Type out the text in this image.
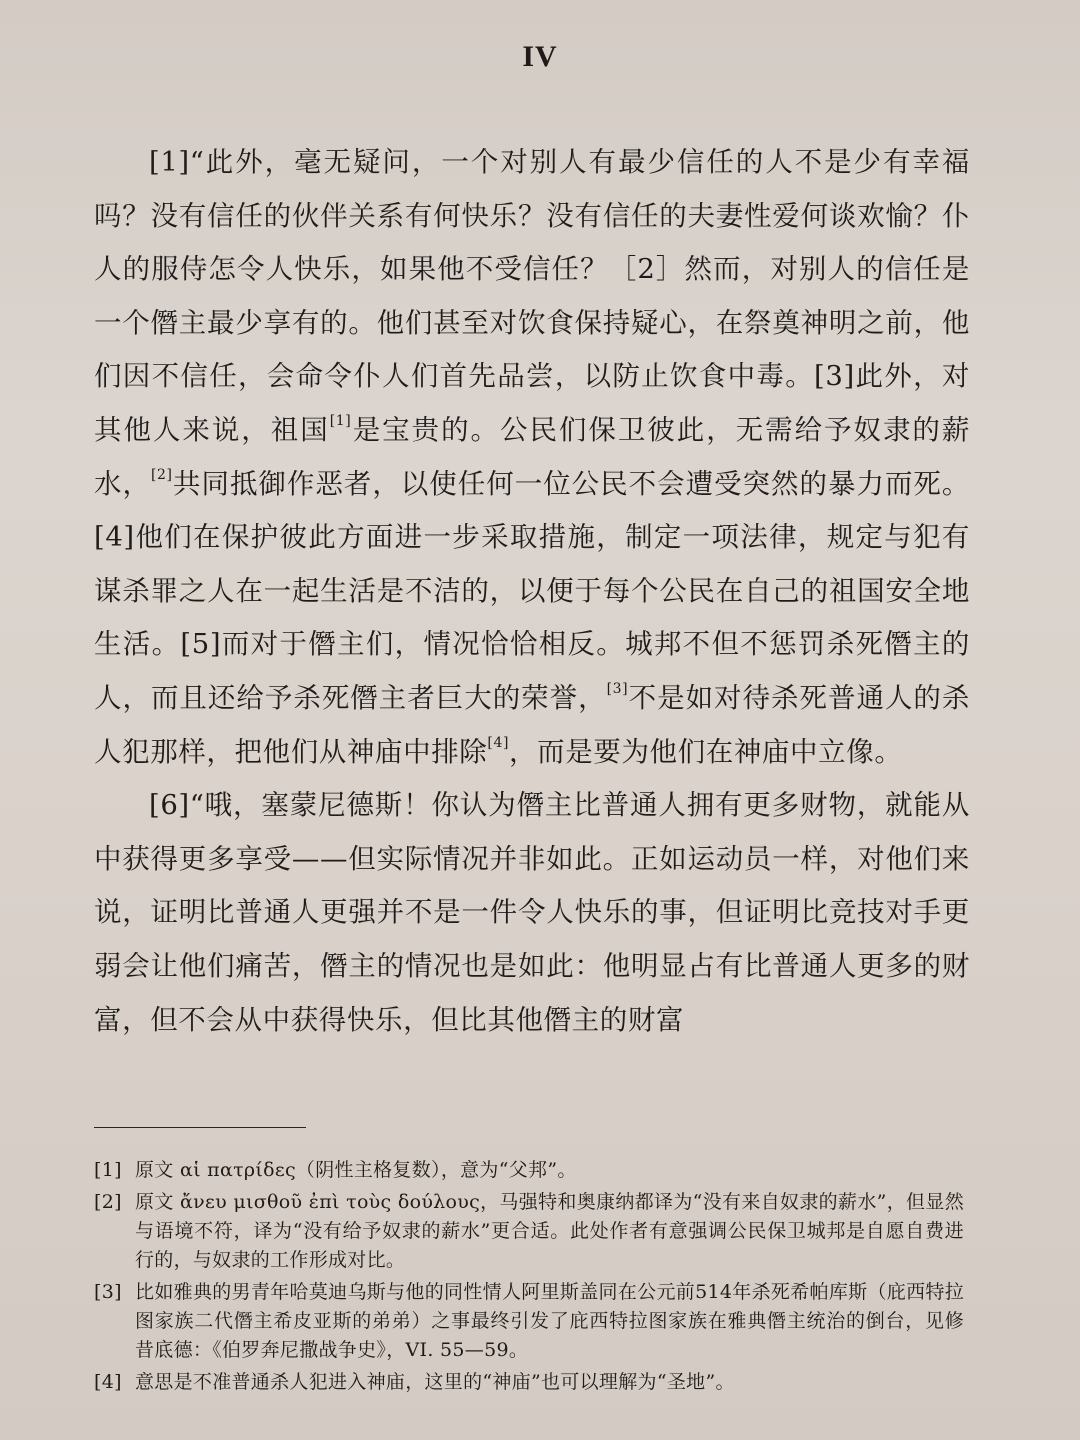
IV

[1]“此外，毫无疑问，一个对别人有最少信任的人不是少有幸福吗？没有信任的伙伴关系有何快乐？没有信任的夫妻性爱何谈欢愉？仆人的服侍怎令人快乐，如果他不受信任？［2］然而，对别人的信任是一个僭主最少享有的。他们甚至对饮食保持疑心，在祭奠神明之前，他们因不信任，会命令仆人们首先品尝，以防止饮食中毒。[3]此外，对其他人来说，祖国[1]是宝贵的。公民们保卫彼此，无需给予奴隶的薪水，[2]共同抵御作恶者，以使任何一位公民不会遭受突然的暴力而死。[4]他们在保护彼此方面进一步采取措施，制定一项法律，规定与犯有谋杀罪之人在一起生活是不洁的，以便于每个公民在自己的祖国安全地生活。[5]而对于僭主们，情况恰恰相反。城邦不但不惩罚杀死僭主的人，而且还给予杀死僭主者巨大的荣誉，[3]不是如对待杀死普通人的杀人犯那样，把他们从神庙中排除[4]，而是要为他们在神庙中立像。

[6]“哦，塞蒙尼德斯！你认为僭主比普通人拥有更多财物，就能从中获得更多享受——但实际情况并非如此。正如运动员一样，对他们来说，证明比普通人更强并不是一件令人快乐的事，但证明比竞技对手更弱会让他们痛苦，僭主的情况也是如此：他明显占有比普通人更多的财富，但不会从中获得快乐，但比其他僭主的财富

[1] 原文 αἱ πατρίδες（阴性主格复数），意为“父邦”。
[2] 原文 ἄνευ μισθοῦ ἐπὶ τοὺς δούλους，马强特和奥康纳都译为“没有来自奴隶的薪水”，但显然与语境不符，译为“没有给予奴隶的薪水”更合适。此处作者有意强调公民保卫城邦是自愿自费进行的，与奴隶的工作形成对比。
[3] 比如雅典的男青年哈莫迪乌斯与他的同性情人阿里斯盖同在公元前514年杀死希帕库斯（庇西特拉图家族二代僭主希皮亚斯的弟弟）之事最终引发了庇西特拉图家族在雅典僭主统治的倒台，见修昔底德：《伯罗奔尼撒战争史》，VI. 55—59。
[4] 意思是不准普通杀人犯进入神庙，这里的“神庙”也可以理解为“圣地”。
